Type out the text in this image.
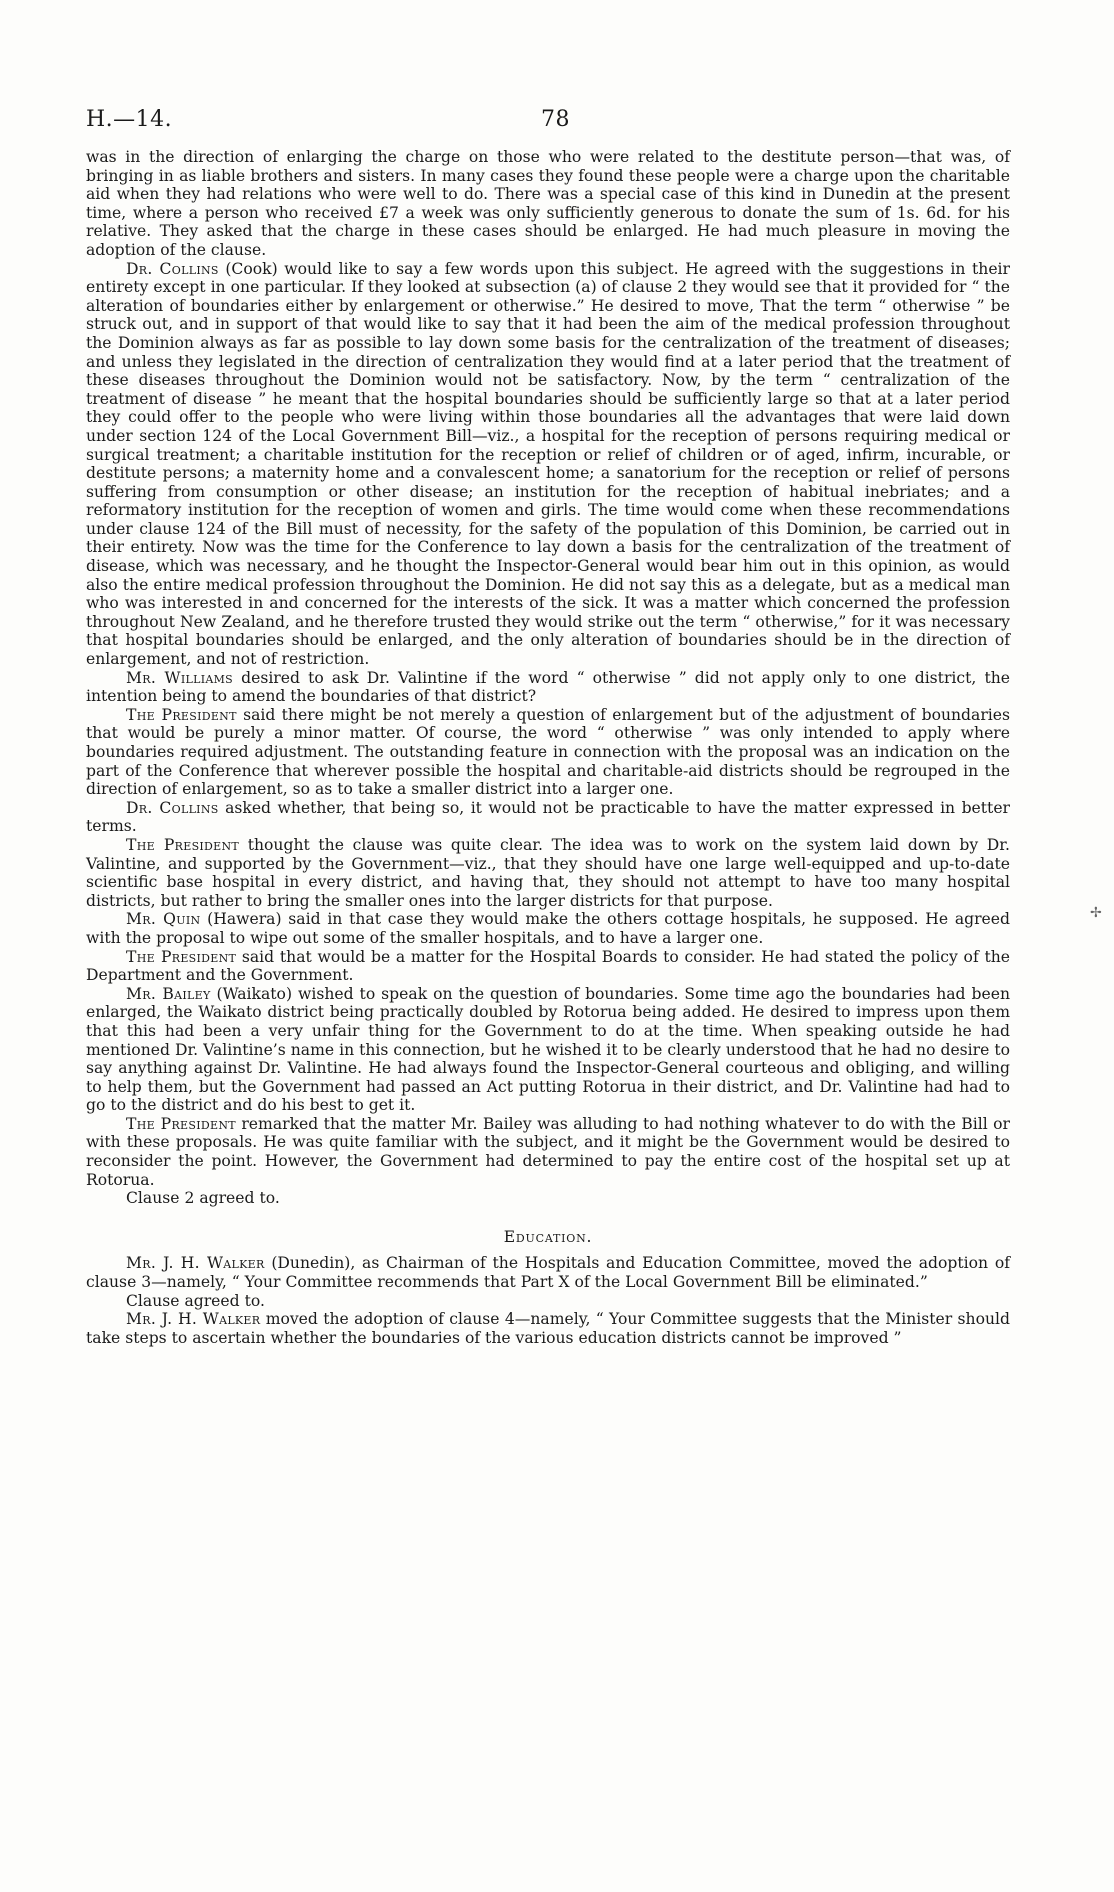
H.—14.	78

was in the direction of enlarging the charge on those who were related to the destitute person—that was, of bringing in as liable brothers and sisters. In many cases they found these people were a charge upon the charitable aid when they had relations who were well to do. There was a special case of this kind in Dunedin at the present time, where a person who received £7 a week was only sufficiently generous to donate the sum of 1s. 6d. for his relative. They asked that the charge in these cases should be enlarged. He had much pleasure in moving the adoption of the clause.

Dr. Collins (Cook) would like to say a few words upon this subject. He agreed with the suggestions in their entirety except in one particular. If they looked at subsection (a) of clause 2 they would see that it provided for “ the alteration of boundaries either by enlargement or otherwise.” He desired to move, That the term “ otherwise ” be struck out, and in support of that would like to say that it had been the aim of the medical profession throughout the Dominion always as far as possible to lay down some basis for the centralization of the treatment of diseases; and unless they legislated in the direction of centralization they would find at a later period that the treatment of these diseases throughout the Dominion would not be satisfactory. Now, by the term “ centralization of the treatment of disease ” he meant that the hospital boundaries should be sufficiently large so that at a later period they could offer to the people who were living within those boundaries all the advantages that were laid down under section 124 of the Local Government Bill—viz., a hospital for the reception of persons requiring medical or surgical treatment; a charitable institution for the reception or relief of children or of aged, infirm, incurable, or destitute persons; a maternity home and a convalescent home; a sanatorium for the reception or relief of persons suffering from consumption or other disease; an institution for the reception of habitual inebriates; and a reformatory institution for the reception of women and girls. The time would come when these recommendations under clause 124 of the Bill must of necessity, for the safety of the population of this Dominion, be carried out in their entirety. Now was the time for the Conference to lay down a basis for the centralization of the treatment of disease, which was necessary, and he thought the Inspector-General would bear him out in this opinion, as would also the entire medical profession throughout the Dominion. He did not say this as a delegate, but as a medical man who was interested in and concerned for the interests of the sick. It was a matter which concerned the profession throughout New Zealand, and he therefore trusted they would strike out the term “ otherwise,” for it was necessary that hospital boundaries should be enlarged, and the only alteration of boundaries should be in the direction of enlargement, and not of restriction.

Mr. Williams desired to ask Dr. Valintine if the word “ otherwise ” did not apply only to one district, the intention being to amend the boundaries of that district?

The President said there might be not merely a question of enlargement but of the adjustment of boundaries that would be purely a minor matter. Of course, the word “ otherwise ” was only intended to apply where boundaries required adjustment. The outstanding feature in connection with the proposal was an indication on the part of the Conference that wherever possible the hospital and charitable-aid districts should be regrouped in the direction of enlargement, so as to take a smaller district into a larger one.

Dr. Collins asked whether, that being so, it would not be practicable to have the matter expressed in better terms.

The President thought the clause was quite clear. The idea was to work on the system laid down by Dr. Valintine, and supported by the Government—viz., that they should have one large well-equipped and up-to-date scientific base hospital in every district, and having that, they should not attempt to have too many hospital districts, but rather to bring the smaller ones into the larger districts for that purpose.

Mr. Quin (Hawera) said in that case they would make the others cottage hospitals, he supposed. He agreed with the proposal to wipe out some of the smaller hospitals, and to have a larger one.

The President said that would be a matter for the Hospital Boards to consider. He had stated the policy of the Department and the Government.

Mr. Bailey (Waikato) wished to speak on the question of boundaries. Some time ago the boundaries had been enlarged, the Waikato district being practically doubled by Rotorua being added. He desired to impress upon them that this had been a very unfair thing for the Government to do at the time. When speaking outside he had mentioned Dr. Valintine’s name in this connection, but he wished it to be clearly understood that he had no desire to say anything against Dr. Valintine. He had always found the Inspector-General courteous and obliging, and willing to help them, but the Government had passed an Act putting Rotorua in their district, and Dr. Valintine had had to go to the district and do his best to get it.

The President remarked that the matter Mr. Bailey was alluding to had nothing whatever to do with the Bill or with these proposals. He was quite familiar with the subject, and it might be the Government would be desired to reconsider the point. However, the Government had determined to pay the entire cost of the hospital set up at Rotorua.

Clause 2 agreed to.

Education.

Mr. J. H. Walker (Dunedin), as Chairman of the Hospitals and Education Committee, moved the adoption of clause 3—namely, “ Your Committee recommends that Part X of the Local Government Bill be eliminated.”

Clause agreed to.

Mr. J. H. Walker moved the adoption of clause 4—namely, “ Your Committee suggests that the Minister should take steps to ascertain whether the boundaries of the various education districts cannot be improved ”

✢
